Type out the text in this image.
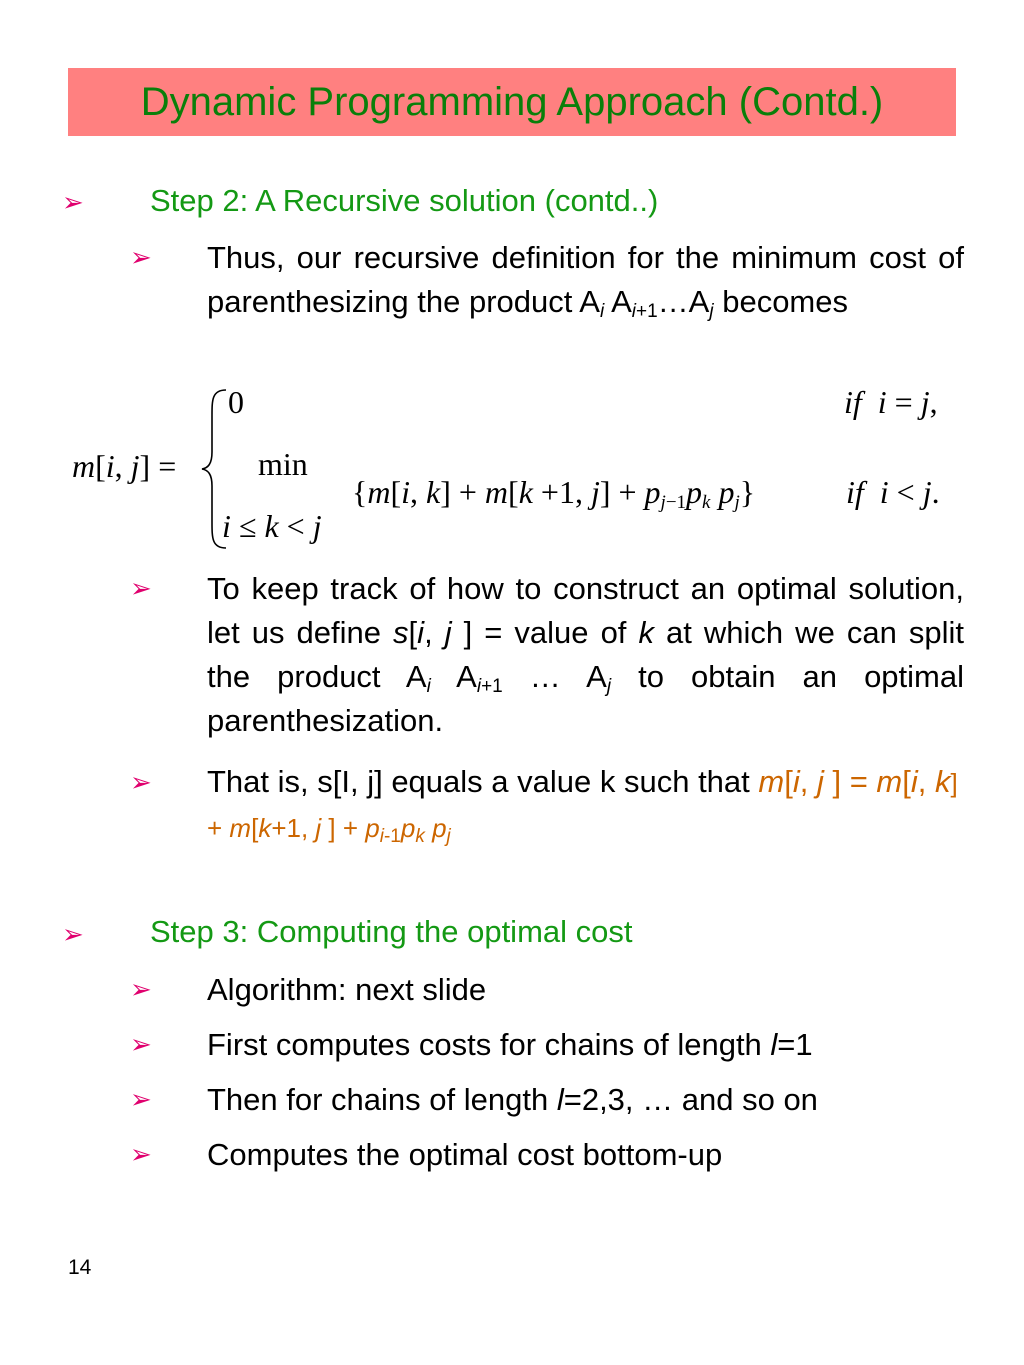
Dynamic Programming Approach (Contd.)
➢ Step 2: A Recursive solution (contd..)
➢ Thus, our recursive definition for the minimum cost of parenthesizing the product $A_i$ $A_{i+1}\dots A_j$ becomes
m[i, j] =
0	if i = j,
min
i ≤ k < j
{m[i, k] + m[k +1, $j] + p_{j-1}p_k$ $p_j$}	if i < j.
➢ To keep track of how to construct an optimal solution, let us define s[i, j ] = value of k at which we can split the product $A_i$ $A_{i+1}$ … $A_j$ to obtain an optimal parenthesization.
➢ That is, s[I, j] equals a value k such that m[i, j ] = m[i, k] + m[k+1, j ] + $p_{i-1}p_k$ $p_j$
➢ Step 3: Computing the optimal cost
➢ Algorithm: next slide
➢ First computes costs for chains of length l=1
➢ Then for chains of length l=2,3, … and so on
➢ Computes the optimal cost bottom-up
14
